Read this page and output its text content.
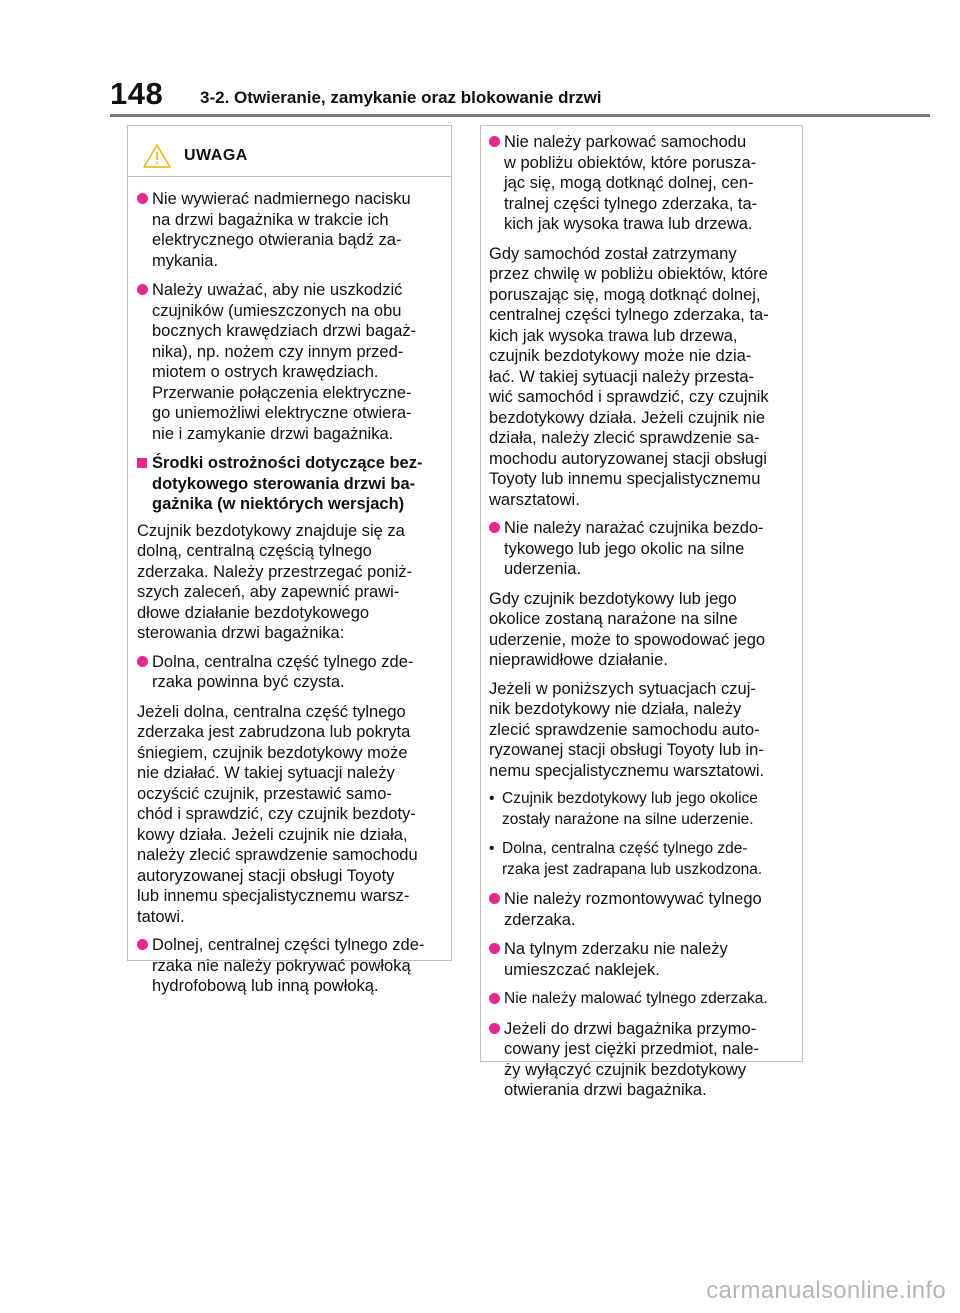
148 3-2. Otwieranie, zamykanie oraz blokowanie drzwi
UWAGA
Nie wywierać nadmiernego nacisku
na drzwi bagażnika w trakcie ich
elektrycznego otwierania bądź za-
mykania.
Należy uważać, aby nie uszkodzić
czujników (umieszczonych na obu
bocznych krawędziach drzwi bagaż-
nika), np. nożem czy innym przed-
miotem o ostrych krawędziach.
Przerwanie połączenia elektryczne-
go uniemożliwi elektryczne otwiera-
nie i zamykanie drzwi bagażnika.
Środki ostrożności dotyczące bez-
dotykowego sterowania drzwi ba-
gażnika (w niektórych wersjach)
Czujnik bezdotykowy znajduje się za
dolną, centralną częścią tylnego
zderzaka. Należy przestrzegać poniż-
szych zaleceń, aby zapewnić prawi-
dłowe działanie bezdotykowego
sterowania drzwi bagażnika:
Dolna, centralna część tylnego zde-
rzaka powinna być czysta.
Jeżeli dolna, centralna część tylnego
zderzaka jest zabrudzona lub pokryta
śniegiem, czujnik bezdotykowy może
nie działać. W takiej sytuacji należy
oczyścić czujnik, przestawić samo-
chód i sprawdzić, czy czujnik bezdoty-
kowy działa. Jeżeli czujnik nie działa,
należy zlecić sprawdzenie samochodu
autoryzowanej stacji obsługi Toyoty
lub innemu specjalistycznemu warsz-
tatowi.
Dolnej, centralnej części tylnego zde-
rzaka nie należy pokrywać powłoką
hydrofobową lub inną powłoką.
Nie należy parkować samochodu
w pobliżu obiektów, które porusza-
jąc się, mogą dotknąć dolnej, cen-
tralnej części tylnego zderzaka, ta-
kich jak wysoka trawa lub drzewa.
Gdy samochód został zatrzymany
przez chwilę w pobliżu obiektów, które
poruszając się, mogą dotknąć dolnej,
centralnej części tylnego zderzaka, ta-
kich jak wysoka trawa lub drzewa,
czujnik bezdotykowy może nie dzia-
łać. W takiej sytuacji należy przesta-
wić samochód i sprawdzić, czy czujnik
bezdotykowy działa. Jeżeli czujnik nie
działa, należy zlecić sprawdzenie sa-
mochodu autoryzowanej stacji obsługi
Toyoty lub innemu specjalistycznemu
warsztatowi.
Nie należy narażać czujnika bezdo-
tykowego lub jego okolic na silne
uderzenia.
Gdy czujnik bezdotykowy lub jego
okolice zostaną narażone na silne
uderzenie, może to spowodować jego
nieprawidłowe działanie.
Jeżeli w poniższych sytuacjach czuj-
nik bezdotykowy nie działa, należy
zlecić sprawdzenie samochodu auto-
ryzowanej stacji obsługi Toyoty lub in-
nemu specjalistycznemu warsztatowi.
• Czujnik bezdotykowy lub jego okolice
zostały narażone na silne uderzenie.
• Dolna, centralna część tylnego zde-
rzaka jest zadrapana lub uszkodzona.
Nie należy rozmontowywać tylnego
zderzaka.
Na tylnym zderzaku nie należy
umieszczać naklejek.
Nie należy malować tylnego zderzaka.
Jeżeli do drzwi bagażnika przymo-
cowany jest ciężki przedmiot, nale-
ży wyłączyć czujnik bezdotykowy
otwierania drzwi bagażnika.
carmanualsonline.info
